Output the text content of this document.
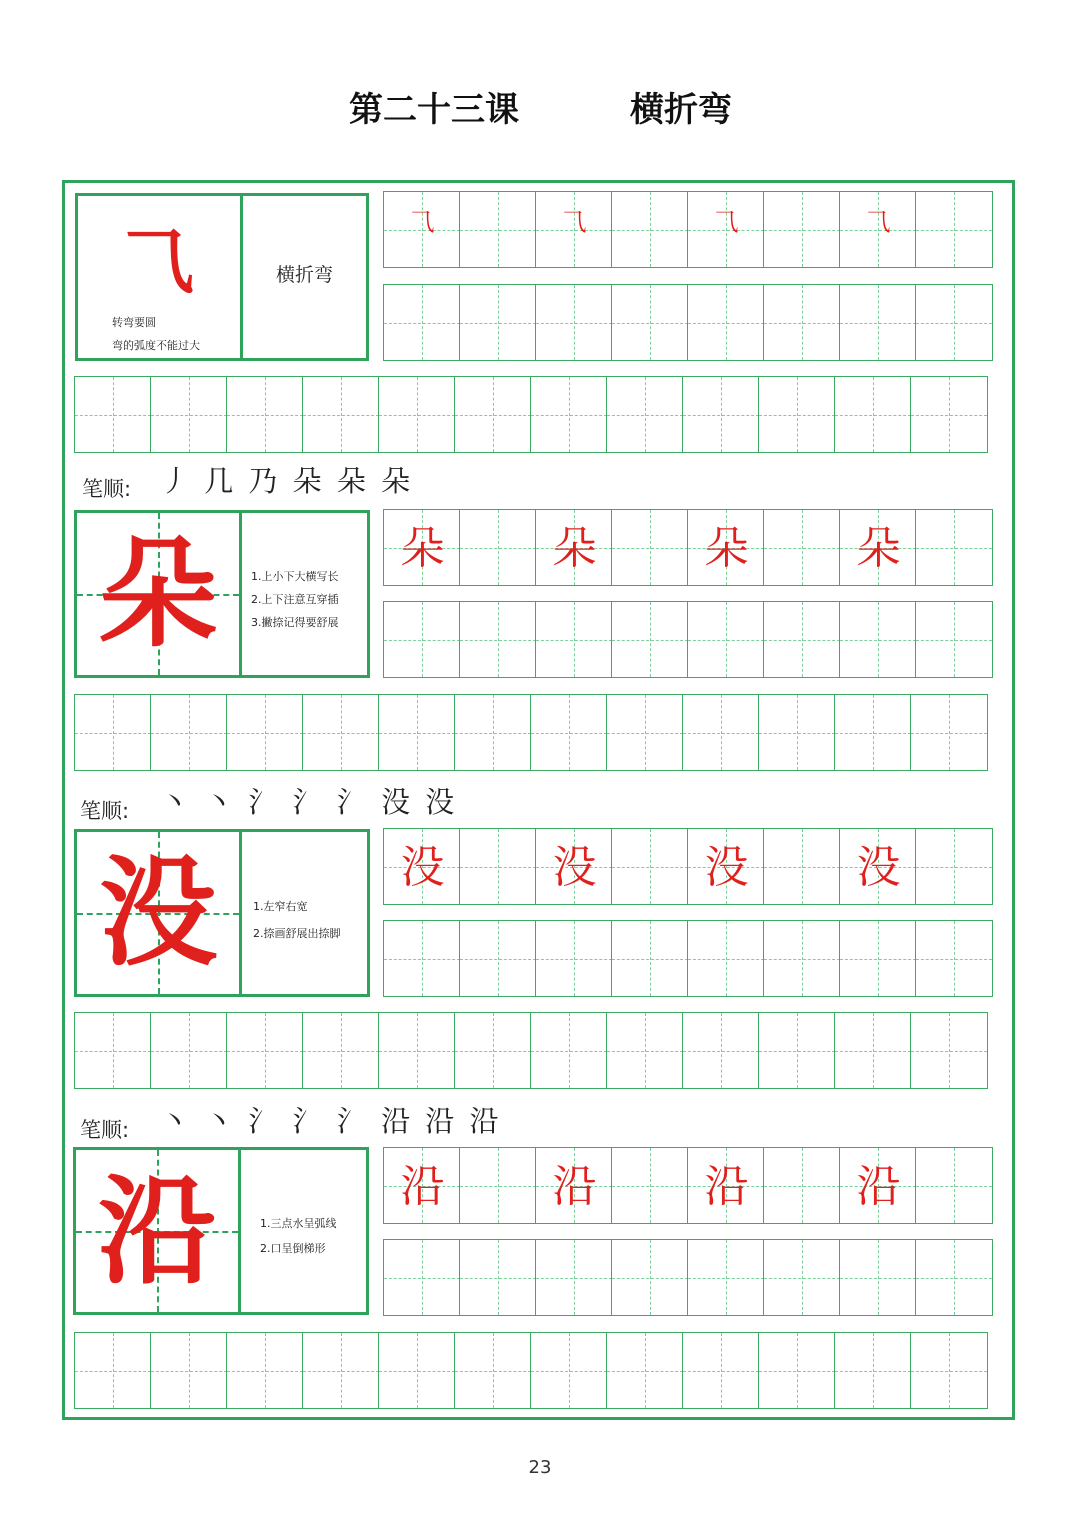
第二十三课	横折弯
⺄
转弯要圆
弯的弧度不能过大
横折弯
⺄	⺄	⺄	⺄
笔顺: 丿 几 乃 朵 朵 朵
朵	1.上小下大横写长
2.上下注意互穿插
3.撇捺记得要舒展
朵	朵	朵	朵
笔顺: 丶 丶 氵 氵 氵 没 没
没	1.左窄右宽
2.捺画舒展出捺脚
没	没	没	没
笔顺: 丶 丶 氵 氵 氵 沿 沿 沿
沿	1.三点水呈弧线
2.口呈倒梯形
沿	沿	沿	沿
23
